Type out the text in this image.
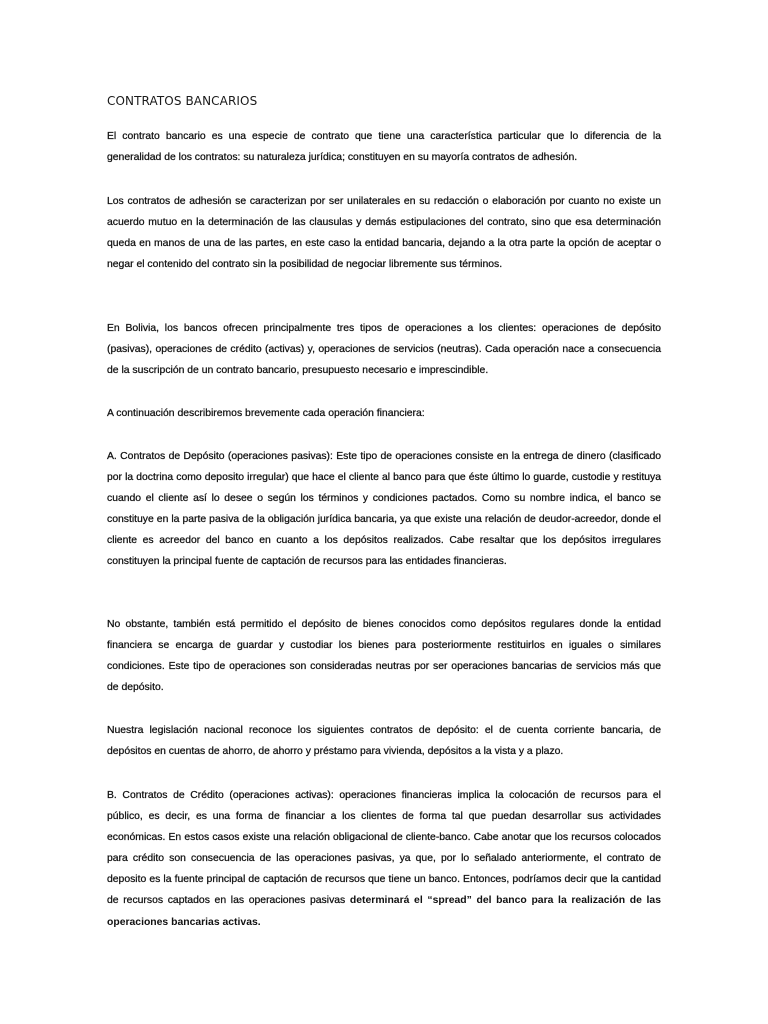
CONTRATOS BANCARIOS

El contrato bancario es una especie de contrato que tiene una característica particular que lo diferencia de la generalidad de los contratos: su naturaleza jurídica; constituyen en su mayoría contratos de adhesión.

Los contratos de adhesión se caracterizan por ser unilaterales en su redacción o elaboración por cuanto no existe un acuerdo mutuo en la determinación de las clausulas y demás estipulaciones del contrato, sino que esa determinación queda en manos de una de las partes, en este caso la entidad bancaria, dejando a la otra parte la opción de aceptar o negar el contenido del contrato sin la posibilidad de negociar libremente sus términos.

En Bolivia, los bancos ofrecen principalmente tres tipos de operaciones a los clientes: operaciones de depósito (pasivas), operaciones de crédito (activas) y, operaciones de servicios (neutras). Cada operación nace a consecuencia de la suscripción de un contrato bancario, presupuesto necesario e imprescindible.

A continuación describiremos brevemente cada operación financiera:

A. Contratos de Depósito (operaciones pasivas): Este tipo de operaciones consiste en la entrega de dinero (clasificado por la doctrina como deposito irregular) que hace el cliente al banco para que éste último lo guarde, custodie y restituya cuando el cliente así lo desee o según los términos y condiciones pactados. Como su nombre indica, el banco se constituye en la parte pasiva de la obligación jurídica bancaria, ya que existe una relación de deudor-acreedor, donde el cliente es acreedor del banco en cuanto a los depósitos realizados. Cabe resaltar que los depósitos irregulares constituyen la principal fuente de captación de recursos para las entidades financieras.

No obstante, también está permitido el depósito de bienes conocidos como depósitos regulares donde la entidad financiera se encarga de guardar y custodiar los bienes para posteriormente restituirlos en iguales o similares condiciones. Este tipo de operaciones son consideradas neutras por ser operaciones bancarias de servicios más que de depósito.

Nuestra legislación nacional reconoce los siguientes contratos de depósito: el de cuenta corriente bancaria, de depósitos en cuentas de ahorro, de ahorro y préstamo para vivienda, depósitos a la vista y a plazo.

B. Contratos de Crédito (operaciones activas): operaciones financieras implica la colocación de recursos para el público, es decir, es una forma de financiar a los clientes de forma tal que puedan desarrollar sus actividades económicas. En estos casos existe una relación obligacional de cliente-banco. Cabe anotar que los recursos colocados para crédito son consecuencia de las operaciones pasivas, ya que, por lo señalado anteriormente, el contrato de deposito es la fuente principal de captación de recursos que tiene un banco. Entonces, podríamos decir que la cantidad de recursos captados en las operaciones pasivas determinará el “spread” del banco para la realización de las operaciones bancarias activas.
